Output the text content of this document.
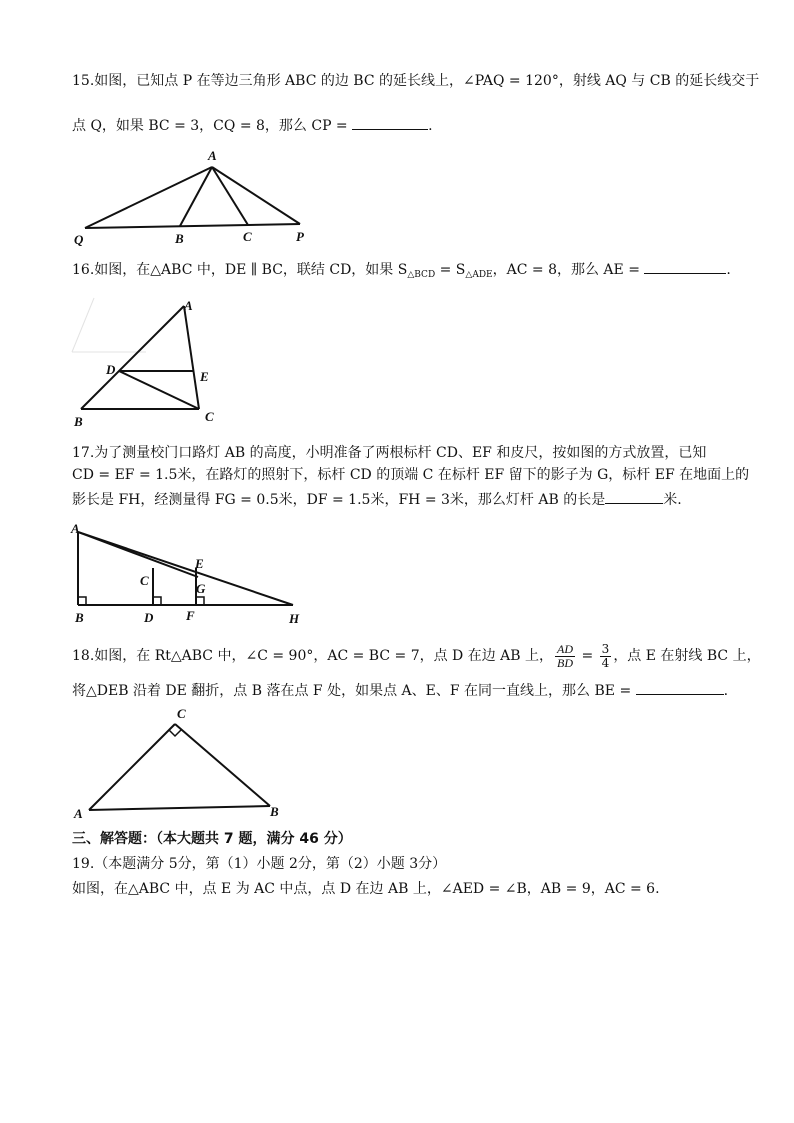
15.如图，已知点 P 在等边三角形 ABC 的边 BC 的延长线上，∠PAQ = 120°，射线 AQ 与 CB 的延长线交于
点 Q，如果 BC = 3，CQ = 8，那么 CP =	.
A
Q	B	C	P
16.如图，在△ABC 中，DE ∥ BC，联结 CD，如果 $S_{\triangle BCD} = S_{\triangle ADE}$，AC = 8，那么 AE =	.
A
D	E
B	C
17.为了测量校门口路灯 AB 的高度，小明准备了两根标杆 CD、EF 和皮尺，按如图的方式放置，已知
CD = EF = 1.5米，在路灯的照射下，标杆 CD 的顶端 C 在标杆 EF 留下的影子为 G，标杆 EF 在地面上的
影长是 FH，经测量得 FG = 0.5米，DF = 1.5米，FH = 3米，那么灯杆 AB 的长是	米.
A
B
C
D
E
G
F	H
18.如图，在 Rt△ABC 中，∠C = 90°，AC = BC = 7，点 D 在边 AB 上， $\frac{AD}{BD} = \frac{3}{4}$ ，点 E 在射线 BC 上，
将△DEB 沿着 DE 翻折，点 B 落在点 F 处，如果点 A、E、F 在同一直线上，那么 BE =	.
C
A	B
三、解答题：（本大题共 7 题，满分 46 分）
19.（本题满分 5分，第（1）小题 2分，第（2）小题 3分）
如图，在△ABC 中，点 E 为 AC 中点，点 D 在边 AB 上，∠AED = ∠B，AB = 9，AC = 6.
